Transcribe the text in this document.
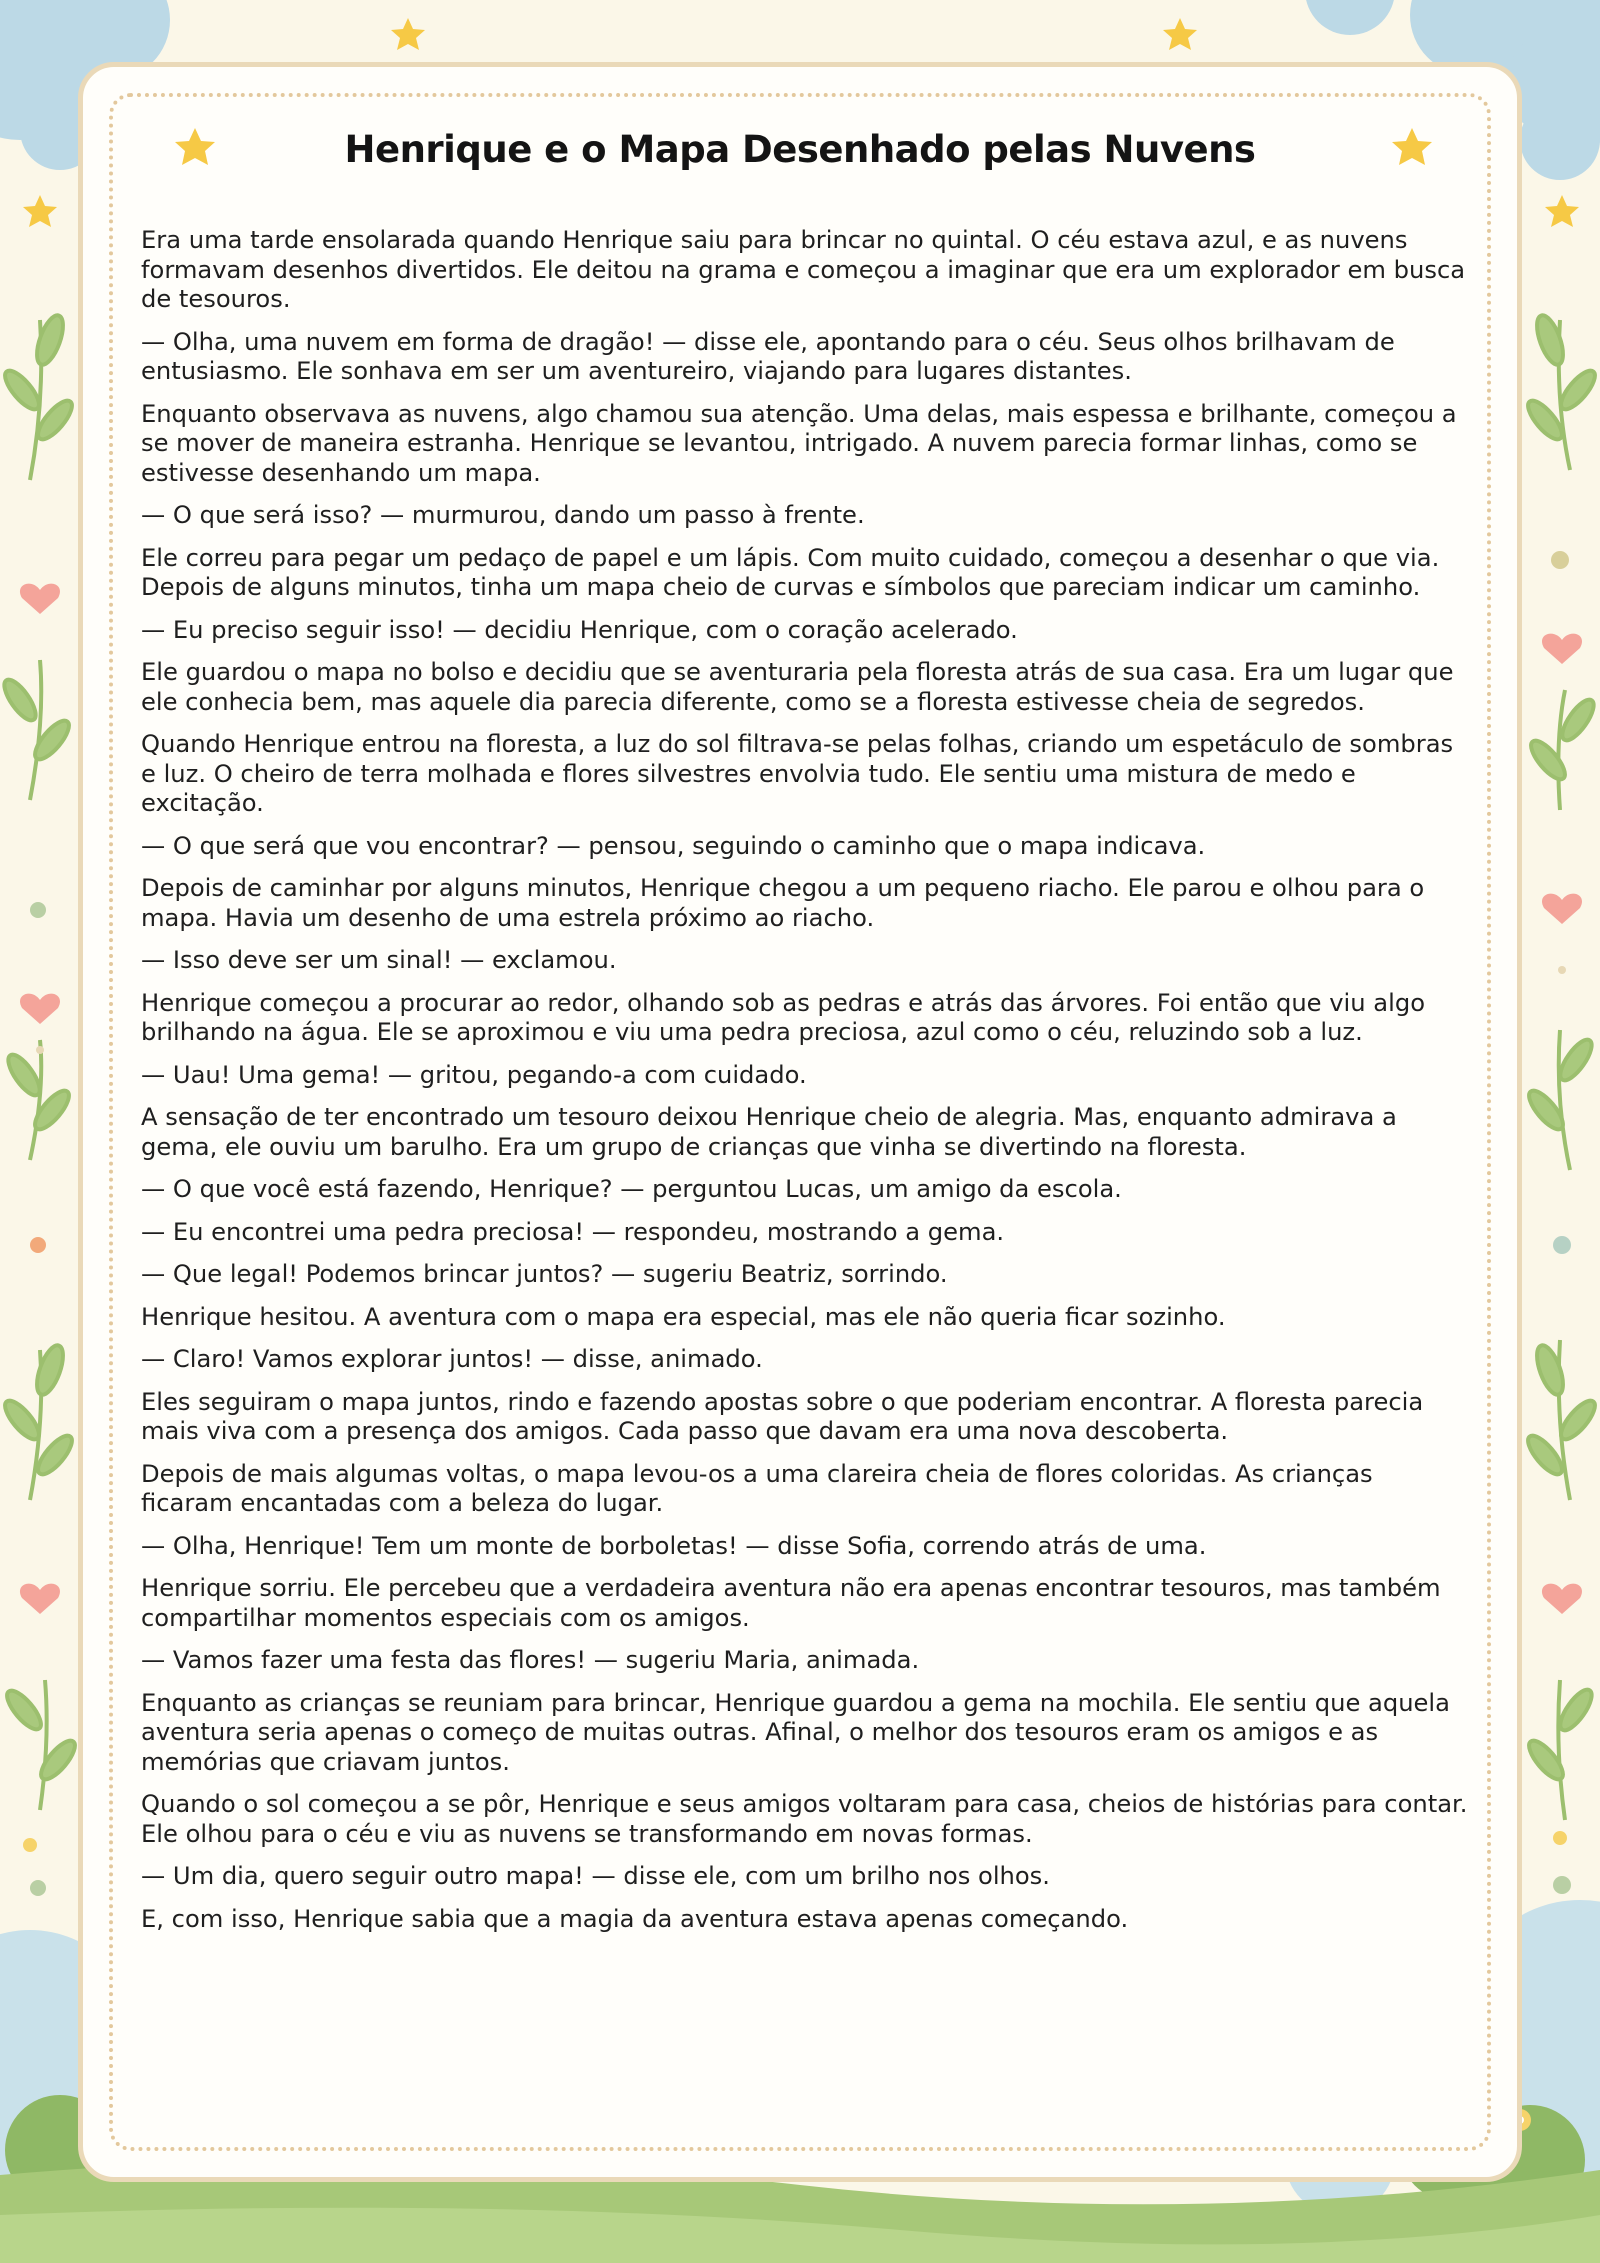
Henrique e o Mapa Desenhado pelas Nuvens

Era uma tarde ensolarada quando Henrique saiu para brincar no quintal. O céu estava azul, e as nuvens formavam desenhos divertidos. Ele deitou na grama e começou a imaginar que era um explorador em busca de tesouros.

— Olha, uma nuvem em forma de dragão! — disse ele, apontando para o céu. Seus olhos brilhavam de entusiasmo. Ele sonhava em ser um aventureiro, viajando para lugares distantes.

Enquanto observava as nuvens, algo chamou sua atenção. Uma delas, mais espessa e brilhante, começou a se mover de maneira estranha. Henrique se levantou, intrigado. A nuvem parecia formar linhas, como se estivesse desenhando um mapa.

— O que será isso? — murmurou, dando um passo à frente.

Ele correu para pegar um pedaço de papel e um lápis. Com muito cuidado, começou a desenhar o que via. Depois de alguns minutos, tinha um mapa cheio de curvas e símbolos que pareciam indicar um caminho.

— Eu preciso seguir isso! — decidiu Henrique, com o coração acelerado.

Ele guardou o mapa no bolso e decidiu que se aventuraria pela floresta atrás de sua casa. Era um lugar que ele conhecia bem, mas aquele dia parecia diferente, como se a floresta estivesse cheia de segredos.

Quando Henrique entrou na floresta, a luz do sol filtrava-se pelas folhas, criando um espetáculo de sombras e luz. O cheiro de terra molhada e flores silvestres envolvia tudo. Ele sentiu uma mistura de medo e excitação.

— O que será que vou encontrar? — pensou, seguindo o caminho que o mapa indicava.

Depois de caminhar por alguns minutos, Henrique chegou a um pequeno riacho. Ele parou e olhou para o mapa. Havia um desenho de uma estrela próximo ao riacho.

— Isso deve ser um sinal! — exclamou.

Henrique começou a procurar ao redor, olhando sob as pedras e atrás das árvores. Foi então que viu algo brilhando na água. Ele se aproximou e viu uma pedra preciosa, azul como o céu, reluzindo sob a luz.

— Uau! Uma gema! — gritou, pegando-a com cuidado.

A sensação de ter encontrado um tesouro deixou Henrique cheio de alegria. Mas, enquanto admirava a gema, ele ouviu um barulho. Era um grupo de crianças que vinha se divertindo na floresta.

— O que você está fazendo, Henrique? — perguntou Lucas, um amigo da escola.

— Eu encontrei uma pedra preciosa! — respondeu, mostrando a gema.

— Que legal! Podemos brincar juntos? — sugeriu Beatriz, sorrindo.

Henrique hesitou. A aventura com o mapa era especial, mas ele não queria ficar sozinho.

— Claro! Vamos explorar juntos! — disse, animado.

Eles seguiram o mapa juntos, rindo e fazendo apostas sobre o que poderiam encontrar. A floresta parecia mais viva com a presença dos amigos. Cada passo que davam era uma nova descoberta.

Depois de mais algumas voltas, o mapa levou-os a uma clareira cheia de flores coloridas. As crianças ficaram encantadas com a beleza do lugar.

— Olha, Henrique! Tem um monte de borboletas! — disse Sofia, correndo atrás de uma.

Henrique sorriu. Ele percebeu que a verdadeira aventura não era apenas encontrar tesouros, mas também compartilhar momentos especiais com os amigos.

— Vamos fazer uma festa das flores! — sugeriu Maria, animada.

Enquanto as crianças se reuniam para brincar, Henrique guardou a gema na mochila. Ele sentiu que aquela aventura seria apenas o começo de muitas outras. Afinal, o melhor dos tesouros eram os amigos e as memórias que criavam juntos.

Quando o sol começou a se pôr, Henrique e seus amigos voltaram para casa, cheios de histórias para contar. Ele olhou para o céu e viu as nuvens se transformando em novas formas.

— Um dia, quero seguir outro mapa! — disse ele, com um brilho nos olhos.

E, com isso, Henrique sabia que a magia da aventura estava apenas começando.
